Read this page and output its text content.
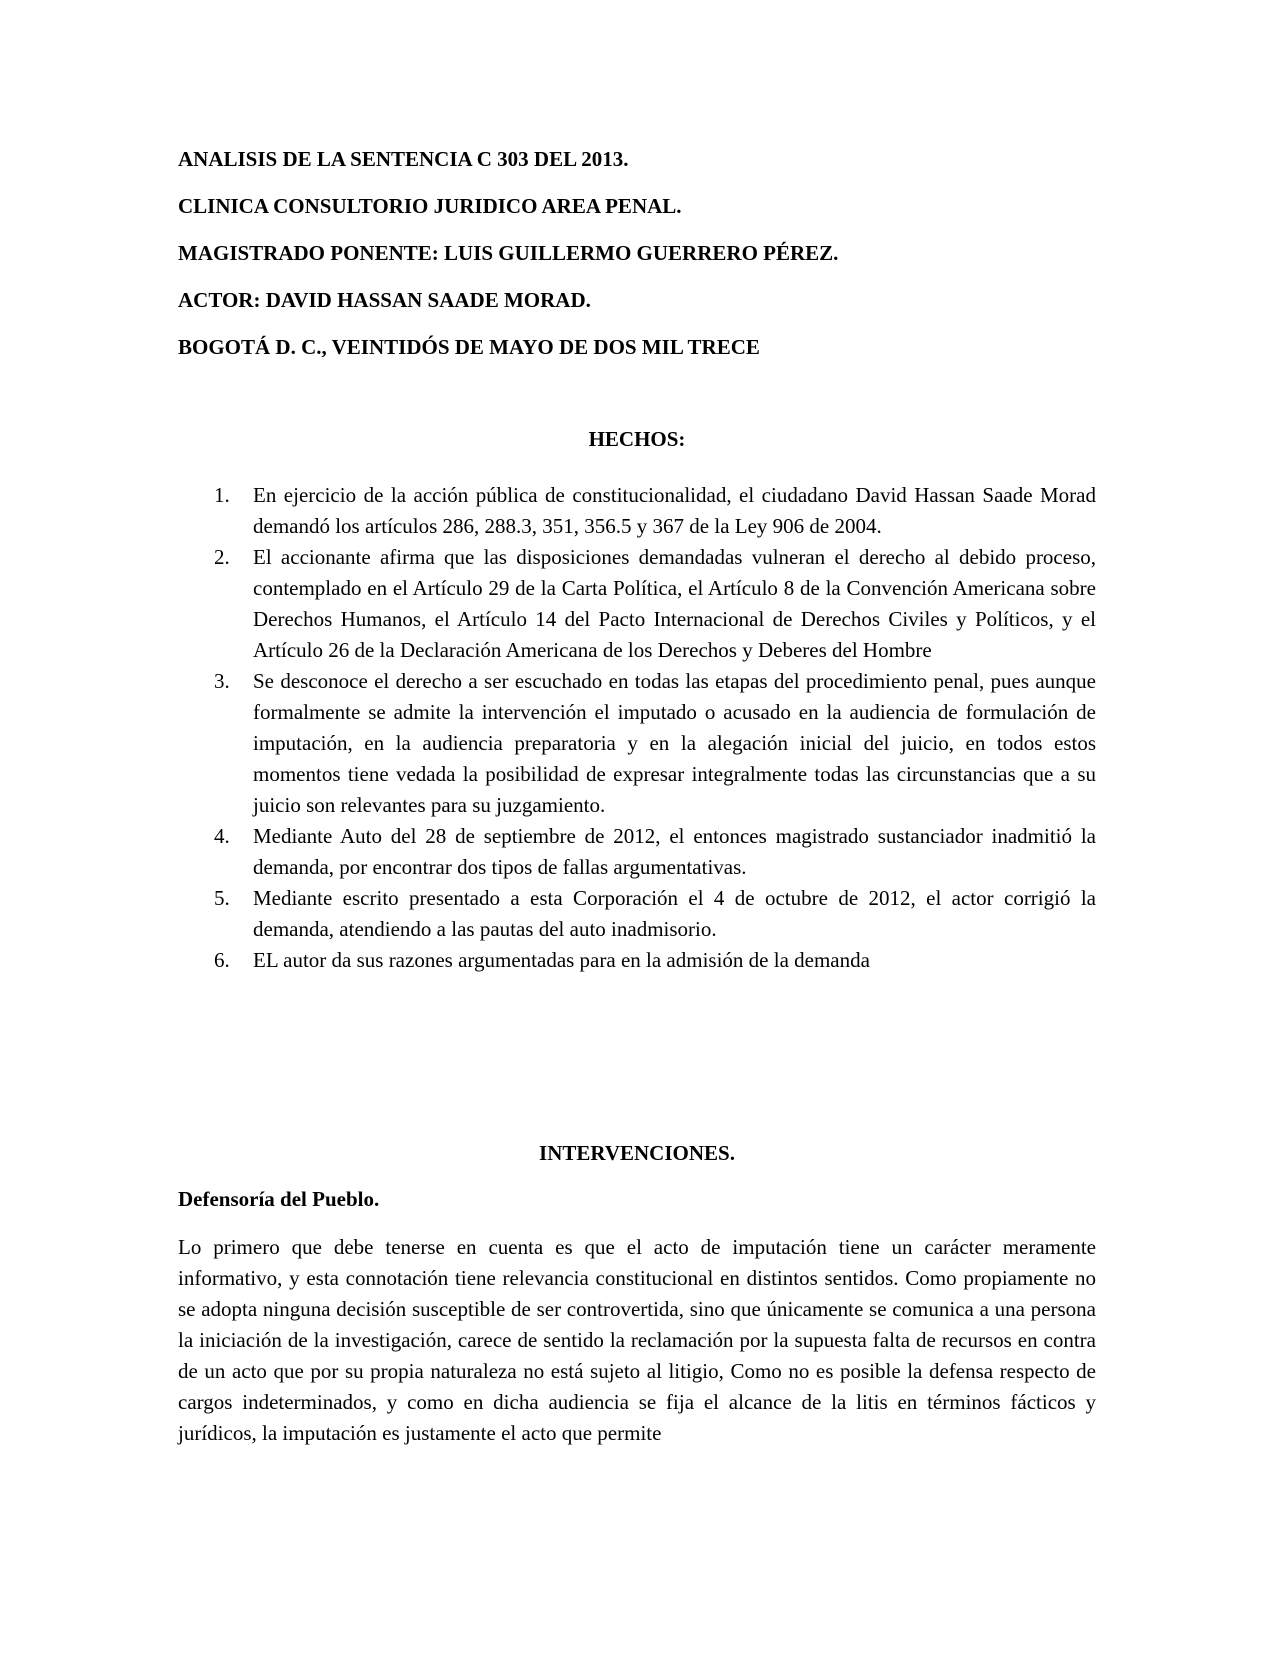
ANALISIS DE LA SENTENCIA C 303 DEL 2013.
CLINICA CONSULTORIO JURIDICO AREA PENAL.
MAGISTRADO PONENTE: LUIS GUILLERMO GUERRERO PÉREZ.
ACTOR: DAVID HASSAN SAADE MORAD.
BOGOTÁ D. C., VEINTIDÓS DE MAYO DE DOS MIL TRECE
HECHOS:
1. En ejercicio de la acción pública de constitucionalidad, el ciudadano David Hassan Saade Morad demandó los artículos 286, 288.3, 351, 356.5 y 367 de la Ley 906 de 2004.
2. El accionante afirma que las disposiciones demandadas vulneran el derecho al debido proceso, contemplado en el Artículo 29 de la Carta Política, el Artículo 8 de la Convención Americana sobre Derechos Humanos, el Artículo 14 del Pacto Internacional de Derechos Civiles y Políticos, y el Artículo 26 de la Declaración Americana de los Derechos y Deberes del Hombre
3. Se desconoce el derecho a ser escuchado en todas las etapas del procedimiento penal, pues aunque formalmente se admite la intervención el imputado o acusado en la audiencia de formulación de imputación, en la audiencia preparatoria y en la alegación inicial del juicio, en todos estos momentos tiene vedada la posibilidad de expresar integralmente todas las circunstancias que a su juicio son relevantes para su juzgamiento.
4. Mediante Auto del 28 de septiembre de 2012, el entonces magistrado sustanciador inadmitió la demanda, por encontrar dos tipos de fallas argumentativas.
5. Mediante escrito presentado a esta Corporación el 4 de octubre de 2012, el actor corrigió la demanda, atendiendo a las pautas del auto inadmisorio.
6. EL autor da sus razones argumentadas para en la admisión de la demanda
INTERVENCIONES.
Defensoría del Pueblo.

Lo primero que debe tenerse en cuenta es que el acto de imputación tiene un carácter meramente informativo, y esta connotación tiene relevancia constitucional en distintos sentidos. Como propiamente no se adopta ninguna decisión susceptible de ser controvertida, sino que únicamente se comunica a una persona la iniciación de la investigación, carece de sentido la reclamación por la supuesta falta de recursos en contra de un acto que por su propia naturaleza no está sujeto al litigio, Como no es posible la defensa respecto de cargos indeterminados, y como en dicha audiencia se fija el alcance de la litis en términos fácticos y jurídicos, la imputación es justamente el acto que permite
